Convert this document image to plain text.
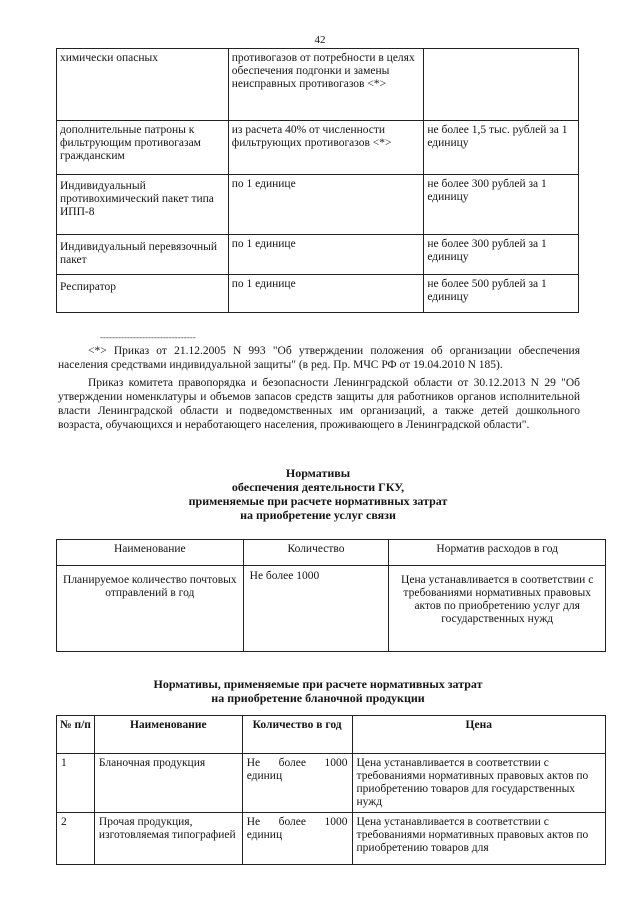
42
химически опасных	противогазов от потребности в целях обеспечения подгонки и замены неисправных противогазов <*>	
дополнительные патроны к фильтрующим противогазам гражданским	из расчета 40% от численности фильтрующих противогазов <*>	не более 1,5 тыс. рублей за 1 единицу
Индивидуальный противохимический пакет типа ИПП-8	по 1 единице	не более 300 рублей за 1 единицу
Индивидуальный перевязочный пакет	по 1 единице	не более 300 рублей за 1 единицу
Респиратор	по 1 единице	не более 500 рублей за 1 единицу
--------------------------------
<*> Приказ от 21.12.2005 N 993 "Об утверждении положения об организации обеспечения населения средствами индивидуальной защиты" (в ред. Пр. МЧС РФ от 19.04.2010 N 185).
Приказ комитета правопорядка и безопасности Ленинградской области от 30.12.2013 N 29 "Об утверждении номенклатуры и объемов запасов средств защиты для работников органов исполнительной власти Ленинградской области и подведомственных им организаций, а также детей дошкольного возраста, обучающихся и неработающего населения, проживающего в Ленинградской области".
Нормативы
обеспечения деятельности ГКУ,
применяемые при расчете нормативных затрат
на приобретение услуг связи
Наименование	Количество	Норматив расходов в год
Планируемое количество почтовых отправлений в год	Не более 1000	Цена устанавливается в соответствии с требованиями нормативных правовых актов по приобретению услуг для государственных нужд
Нормативы, применяемые при расчете нормативных затрат
на приобретение бланочной продукции
№ п/п	Наименование	Количество в год	Цена
1	Бланочная продукция	Не более 1000 единиц	Цена устанавливается в соответствии с требованиями нормативных правовых актов по приобретению товаров для государственных нужд
2	Прочая продукция, изготовляемая типографией	Не более 1000 единиц	Цена устанавливается в соответствии с требованиями нормативных правовых актов по приобретению товаров для
